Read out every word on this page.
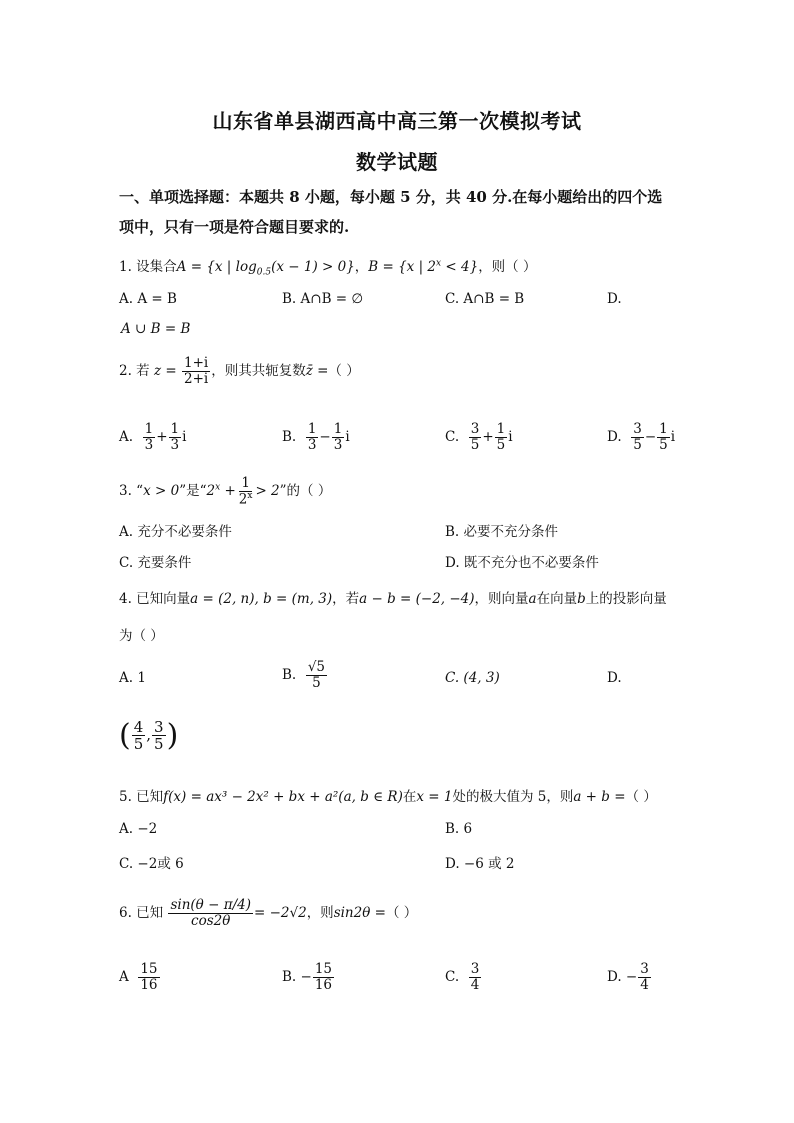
山东省单县湖西高中高三第一次模拟考试
数学试题
一、单项选择题：本题共 8 小题，每小题 5 分，共 40 分.在每小题给出的四个选
项中，只有一项是符合题目要求的.
1. 设集合A = {x | $\log_{0.5}(x - 1) > 0$}，B = {x | $2^x < 4$}，则（ ）
A. A = B	B. A∩B = ∅	C. A∩B = B	D.
A ∪ B = B
2. 若 $z = \frac{1+i}{2+i}$ ，则其共轭复数z̄ =（ ）
A. $\frac{1}{3} + \frac{1}{3}$ i	B. $\frac{1}{3} - \frac{1}{3}$ i	C. $\frac{3}{5} + \frac{1}{5}$ i	D. $\frac{3}{5} - \frac{1}{5}$ i
3. “x > 0”是“$2^x + \frac{1}{2^x} > 2$”的（ ）
A. 充分不必要条件	B. 必要不充分条件
C. 充要条件	D. 既不充分也不必要条件
4. 已知向量a = (2, n), b = (m, 3)，若a − b = (−2, −4)，则向量a在向量b上的投影向量
为（ ）
A. 1	B. $\frac{√5}{5}$	C. (4, 3)	D.
( $\frac{4}{5}$ , $\frac{3}{5}$ )
5. 已知f(x) = ax³ − 2x² + bx + a²(a, b ∈ R)在x = 1处的极大值为 5，则a + b =（ ）
A. −2	B. 6
C. −2或 6	D. −6 或 2
6. 已知 $\frac{\sin(\theta - \pi/4)}{\cos 2\theta} = -2√2$，则sin2θ =（ ）
A $\frac{15}{16}$	B. − $\frac{15}{16}$	C. $\frac{3}{4}$	D. − $\frac{3}{4}$
